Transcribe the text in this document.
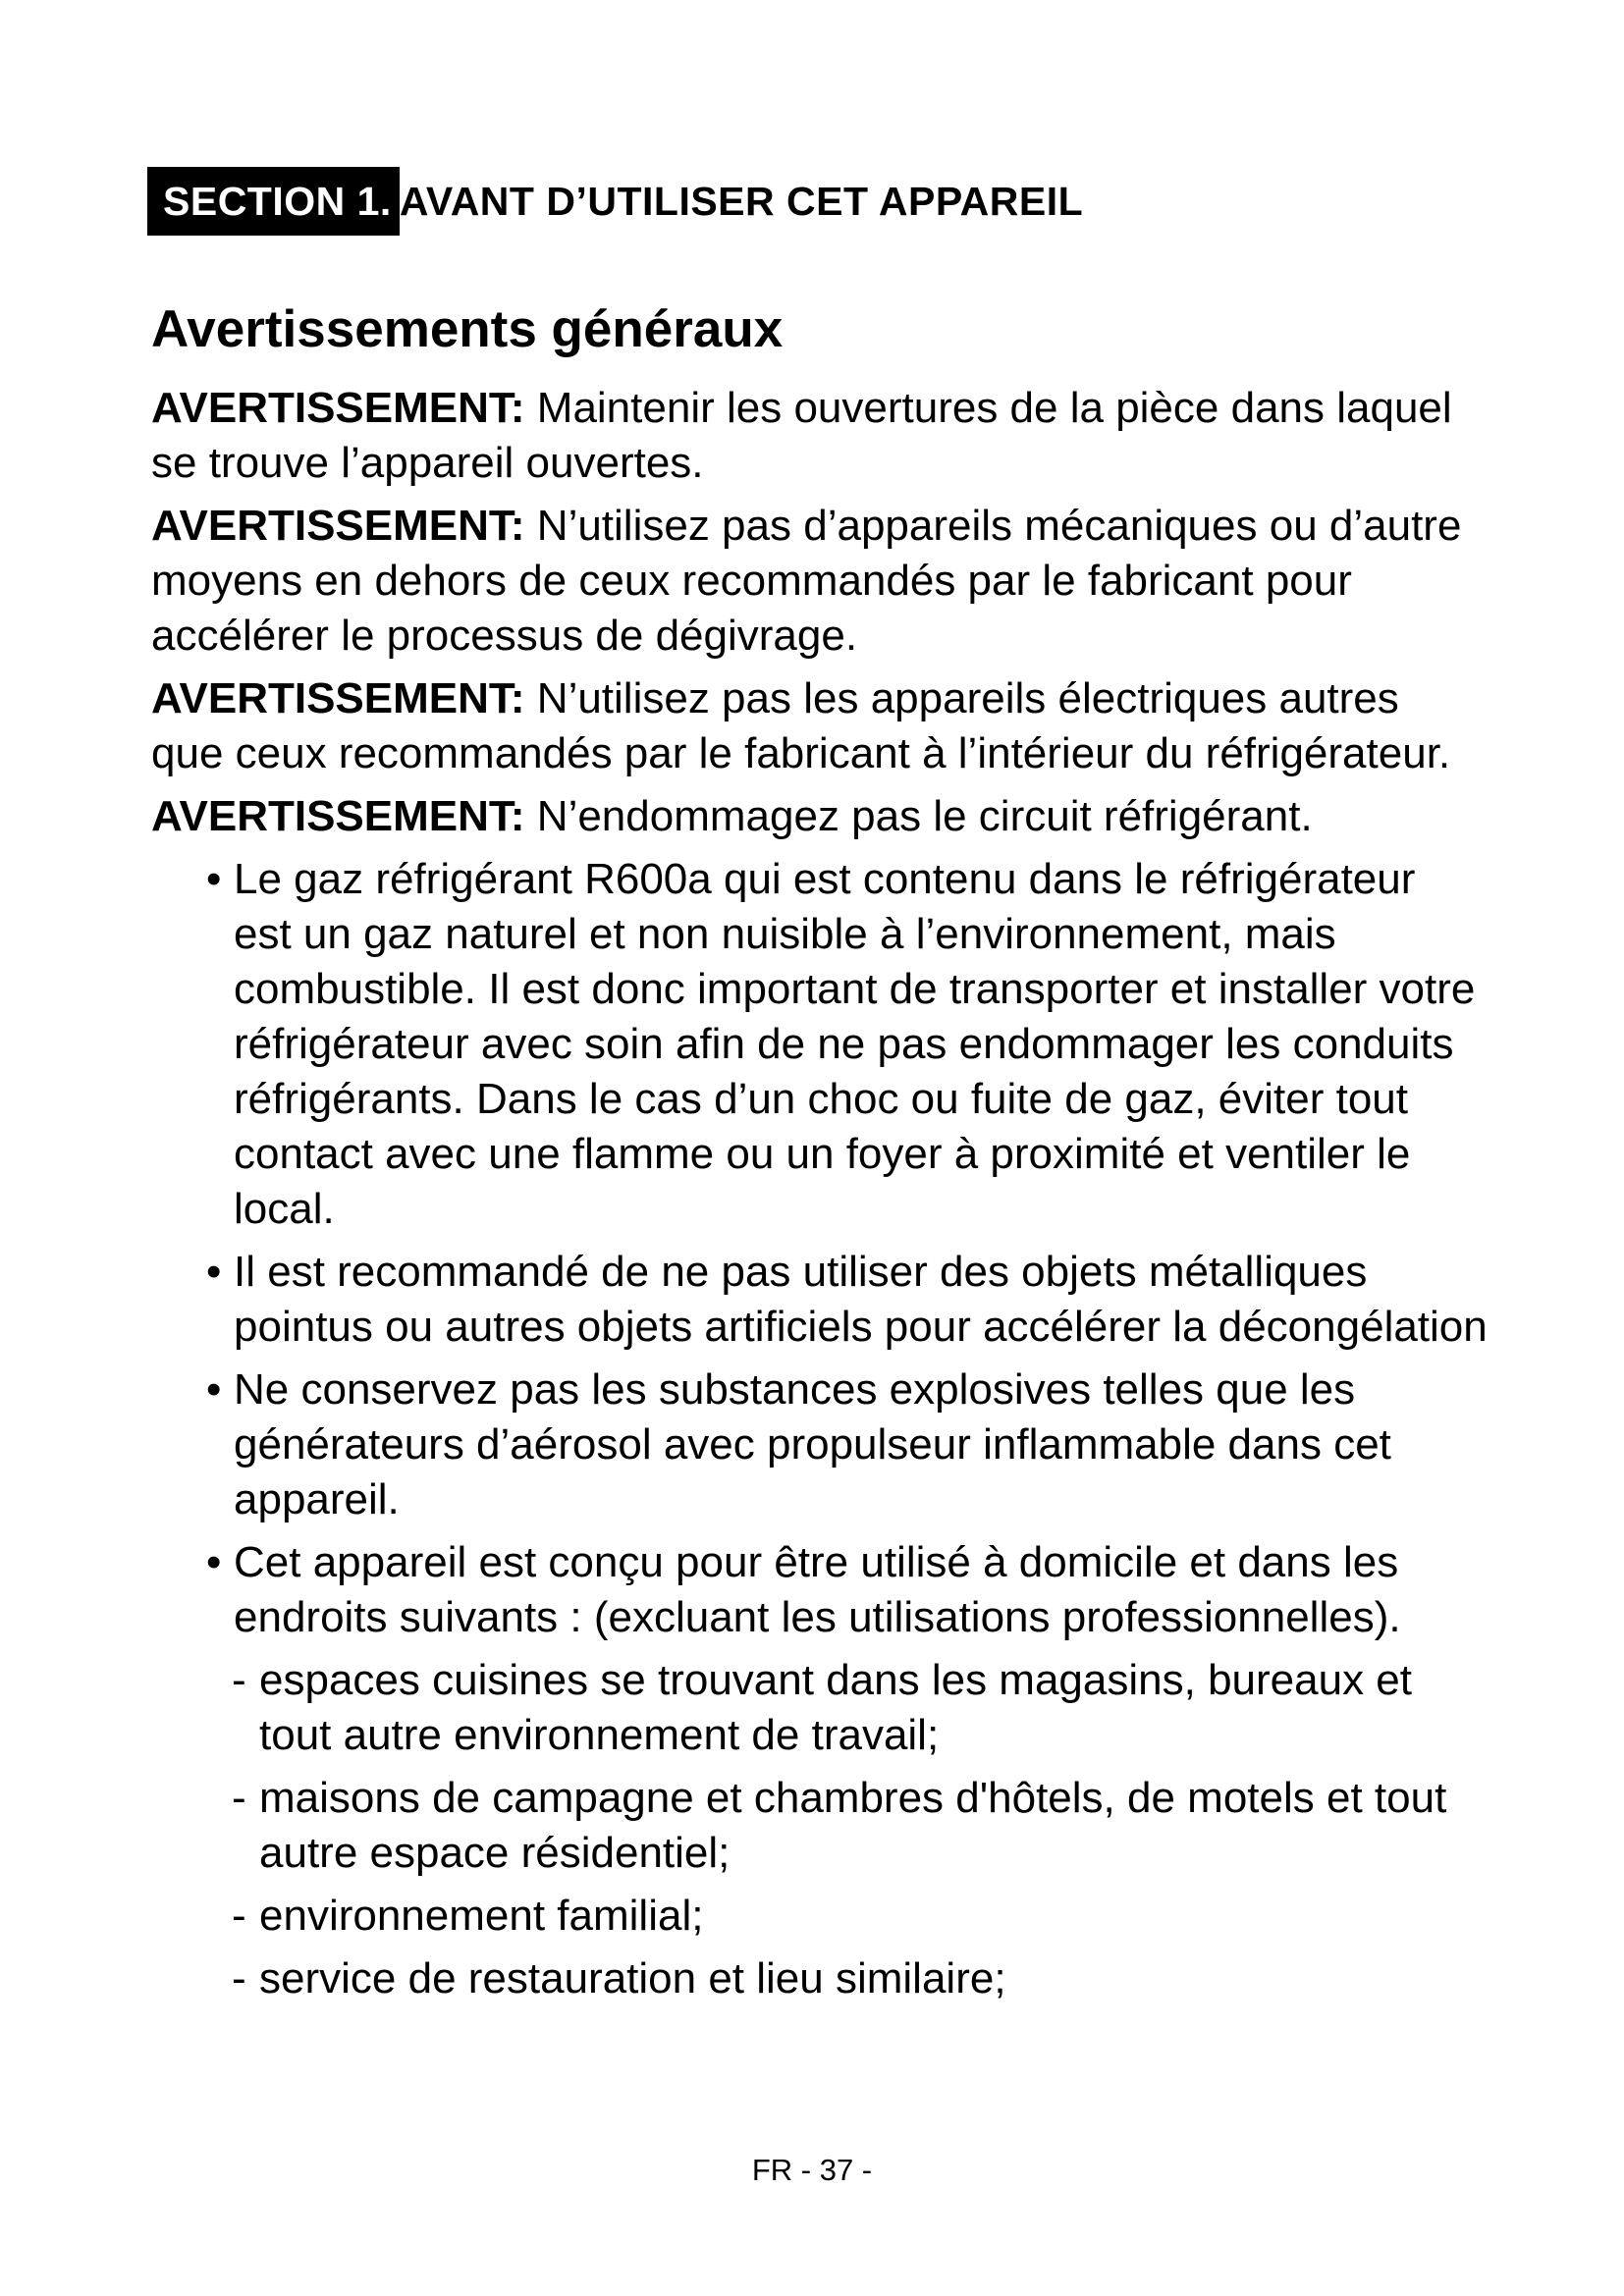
SECTION 1. AVANT D’UTILISER CET APPAREIL
Avertissements généraux
AVERTISSEMENT: Maintenir les ouvertures de la pièce dans laquel
se trouve l’appareil ouvertes.
AVERTISSEMENT: N’utilisez pas d’appareils mécaniques ou d’autre
moyens en dehors de ceux recommandés par le fabricant pour
accélérer le processus de dégivrage.
AVERTISSEMENT: N’utilisez pas les appareils électriques autres
que ceux recommandés par le fabricant à l’intérieur du réfrigérateur.
AVERTISSEMENT: N’endommagez pas le circuit réfrigérant.
• Le gaz réfrigérant R600a qui est contenu dans le réfrigérateur
est un gaz naturel et non nuisible à l’environnement, mais
combustible. Il est donc important de transporter et installer votre
réfrigérateur avec soin afin de ne pas endommager les conduits
réfrigérants. Dans le cas d’un choc ou fuite de gaz, éviter tout
contact avec une flamme ou un foyer à proximité et ventiler le
local.
• Il est recommandé de ne pas utiliser des objets métalliques
pointus ou autres objets artificiels pour accélérer la décongélation
• Ne conservez pas les substances explosives telles que les
générateurs d’aérosol avec propulseur inflammable dans cet
appareil.
• Cet appareil est conçu pour être utilisé à domicile et dans les
endroits suivants : (excluant les utilisations professionnelles).
- espaces cuisines se trouvant dans les magasins, bureaux et
tout autre environnement de travail;
- maisons de campagne et chambres d'hôtels, de motels et tout
autre espace résidentiel;
- environnement familial;
- service de restauration et lieu similaire;
FR - 37 -
